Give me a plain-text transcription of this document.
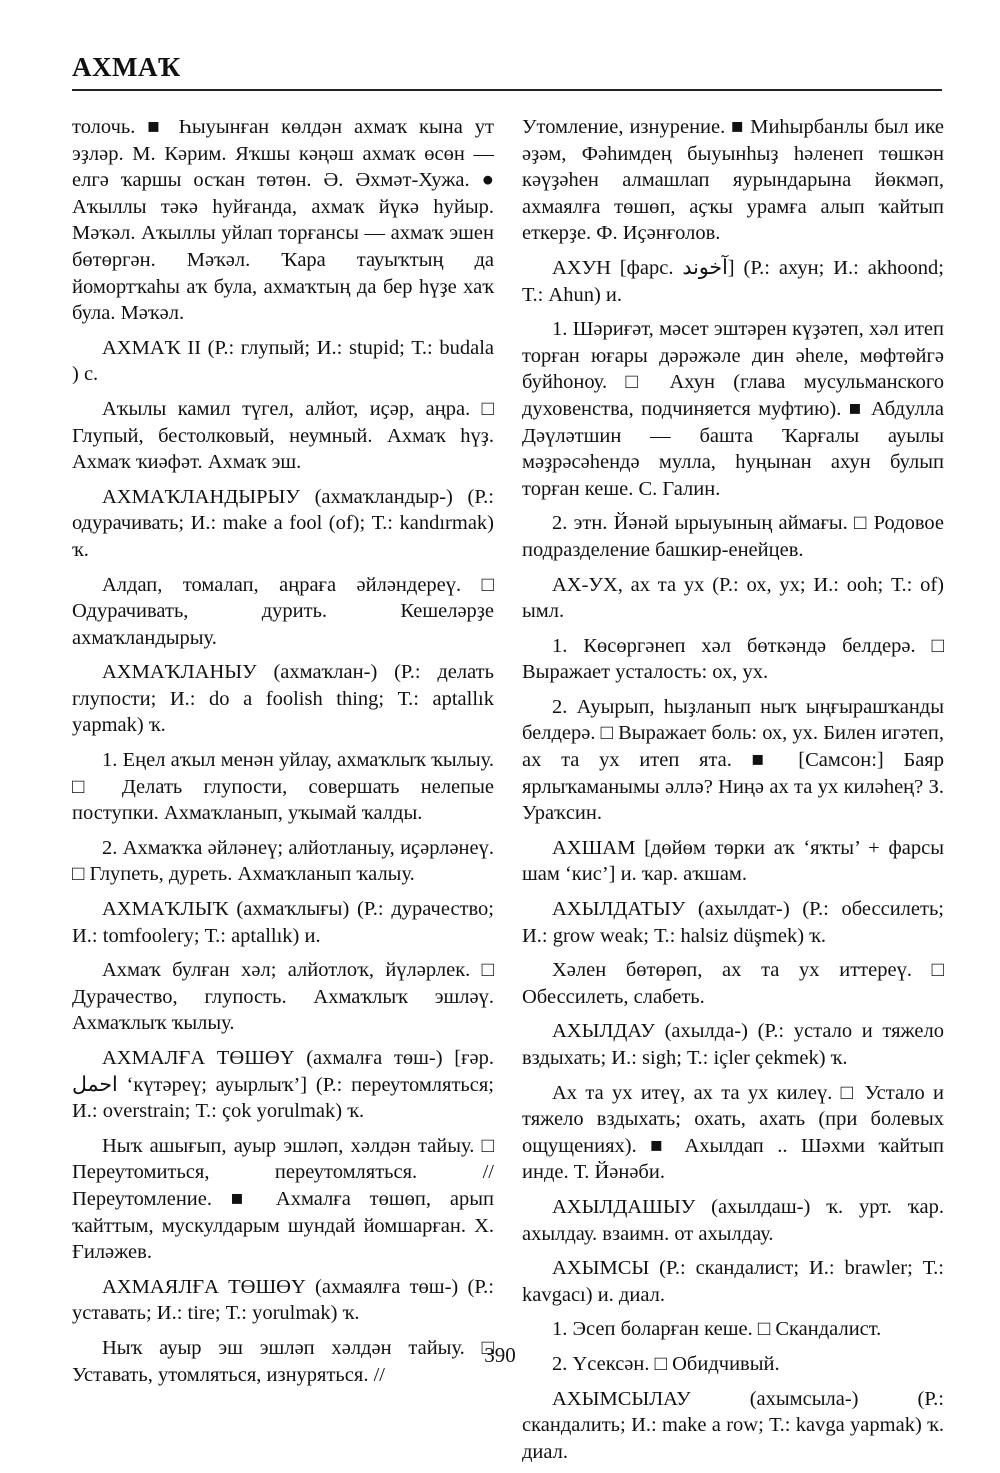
АХМАҠ

толочь. ■ Һыуынған көлдән ахмаҡ кына ут эҙләр. М. Кәрим. Яҡшы кәңәш ахмаҡ өсөн — елгә ҡаршы осҡан төтөн. Ә. Әхмәт-Хужа. ● Аҡыллы тәкә һуйғанда, ахмаҡ йүкә һуйыр. Мәҡәл. Аҡыллы уйлап торғансы — ахмаҡ эшен бөтөргән. Мәҡәл. Ҡара тауыҡтың да йомортҡаһы аҡ була, ахмаҡтың да бер һүҙе хаҡ була. Мәҡәл.

АХМАҠ II (Р.: глупый; И.: stupid; Т.: budala ) с.

Аҡылы камил түгел, алйот, иҫәр, аңра. □ Глупый, бестолковый, неумный. Ахмаҡ һүҙ. Ахмаҡ ҡиәфәт. Ахмаҡ эш.

АХМАҠЛАНДЫРЫУ (ахмаҡландыр-) (Р.: одурачивать; И.: make a fool (of); Т.: kandırmak) ҡ.

Алдап, томалап, аңраға әйләндереү. □ Одурачивать, дурить. Кешеләрҙе ахмаҡландырыу.

АХМАҠЛАНЫУ (ахмаҡлан-) (Р.: делать глупости; И.: do a foolish thing; Т.: aptallık yapmak) ҡ.

1. Еңел аҡыл менән уйлау, ахмаҡлыҡ ҡылыу. □ Делать глупости, совершать нелепые поступки. Ахмаҡланып, уҡымай ҡалды.

2. Ахмаҡҡа әйләнеү; алйотланыу, иҫәрләнеү. □ Глупеть, дуреть. Ахмаҡланып ҡалыу.

АХМАҠЛЫҠ (ахмаҡлығы) (Р.: дурачество; И.: tomfoolery; Т.: aptallık) и.

Ахмаҡ булған хәл; алйотлоҡ, йүләрлек. □ Дурачество, глупость. Ахмаҡлыҡ эшләү. Ахмаҡлыҡ ҡылыу.

АХМАЛҒА ТӨШӨҮ (ахмалға төш-) [ғәр. احمل ‘күтәреү; ауырлыҡ’] (Р.: переутомляться; И.: overstrain; Т.: çok yorulmak) ҡ.

Ныҡ ашығып, ауыр эшләп, хәлдән тайыу. □ Переутомиться, переутомляться. // Переутомление. ■ Ахмалға төшөп, арып ҡайттым, мускулдарым шундай йомшарған. Х. Ғиләжев.

АХМАЯЛҒА ТӨШӨҮ (ахмаялға төш-) (Р.: уставать; И.: tire; Т.: yorulmak) ҡ.

Ныҡ ауыр эш эшләп хәлдән тайыу. □ Уставать, утомляться, изнуряться. //

Утомление, изнурение. ■ Миһырбанлы был ике әҙәм, Фәһимдең быуынһыҙ һәленеп төшкән кәүҙәһен алмашлап яурындарына йөкмәп, ахмаялға төшөп, аҫҡы урамға алып ҡайтып еткерҙе. Ф. Иҫәнғолов.

АХУН [фарс. آخوند] (Р.: ахун; И.: akhoond; Т.: Ahun) и.

1. Шәриғәт, мәсет эштәрен күҙәтеп, хәл итеп торған юғары дәрәжәле дин әһеле, мөфтөйгә буйһоноу. □ Ахун (глава мусульманского духовенства, подчиняется муфтию). ■ Абдулла Дәүләтшин — башта Ҡарғалы ауылы мәҙрәсәһендә мулла, һуңынан ахун булып торған кеше. С. Галин.

2. этн. Йәнәй ырыуының аймағы. □ Родовое подразделение башкир-енейцев.

АХ-УХ, ах та ух (Р.: ох, ух; И.: ooh; Т.: of) ымл.

1. Көсөргәнеп хәл бөткәндә белдерә. □ Выражает усталость: ох, ух.

2. Ауырып, һыҙланып ныҡ ыңғырашҡанды белдерә. □ Выражает боль: ох, ух. Билен игәтеп, ах та ух итеп ята. ■ [Самсон:] Баяр ярлыҡаманымы әллә? Ниңә ах та ух киләһең? З. Ураҡсин.

АХШАМ [дөйөм төрки аҡ ‘яҡты’ + фарсы шам ‘кис’] и. ҡар. аҡшам.

АХЫЛДАТЫУ (ахылдат-) (Р.: обессилеть; И.: grow weak; Т.: halsiz düşmek) ҡ.

Хәлен бөтөрөп, ах та ух иттереү. □ Обессилеть, слабеть.

АХЫЛДАУ (ахылда-) (Р.: устало и тяжело вздыхать; И.: sigh; Т.: içler çekmek) ҡ.

Ах та ух итеү, ах та ух килеү. □ Устало и тяжело вздыхать; охать, ахать (при болевых ощущениях). ■ Ахылдап .. Шәхми ҡайтып инде. Т. Йәнәби.

АХЫЛДАШЫУ (ахылдаш-) ҡ. урт. ҡар. ахылдау. взаимн. от ахылдау.

АХЫМСЫ (Р.: скандалист; И.: brawler; Т.: kavgacı) и. диал.

1. Эсеп боларған кеше. □ Скандалист.

2. Үсексән. □ Обидчивый.

АХЫМСЫЛАУ (ахымсыла-) (Р.: скандалить; И.: make a row; Т.: kavga yapmak) ҡ. диал.

390
